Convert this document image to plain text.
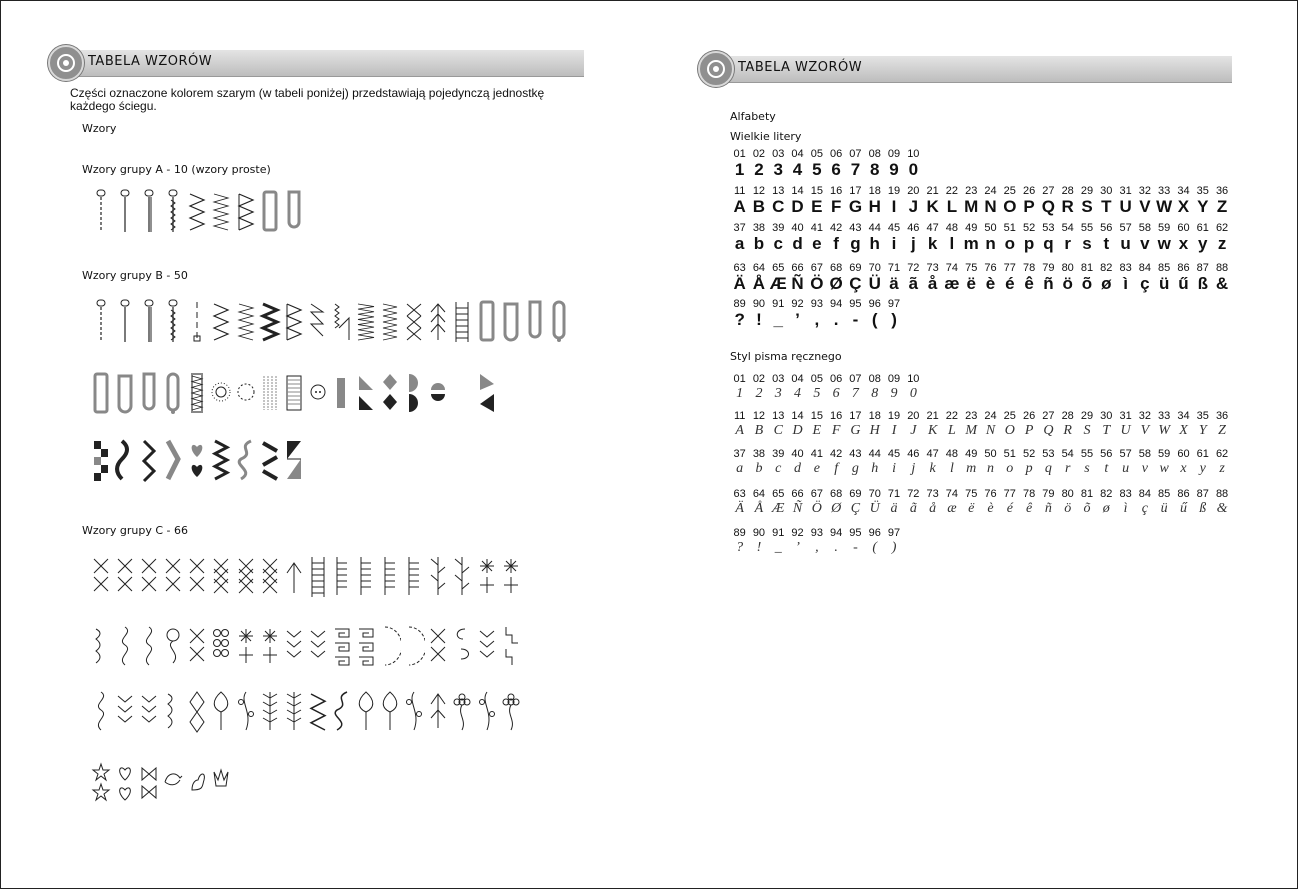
TABELA WZORÓW
Części oznaczone kolorem szarym (w tabeli poniżej) przedstawiają pojedynczą jednostkę każdego ściegu.
Wzory
Wzory grupy A - 10 (wzory proste)
Wzory grupy B - 50
Wzory grupy C - 66
TABELA WZORÓW
Alfabety
Wielkie litery
01 02 03 04 05 06 07 08 09 10
1 2 3 4 5 6 7 8 9 0
11 12 13 14 15 16 17 18 19 20 21 22 23 24 25 26 27 28 29 30 31 32 33 34 35 36
A B C D E F G H I J K L M N O P Q R S T U V W X Y Z
37 38 39 40 41 42 43 44 45 46 47 48 49 50 51 52 53 54 55 56 57 58 59 60 61 62
a b c d e f g h i j k l m n o p q r s t u v w x y z
63 64 65 66 67 68 69 70 71 72 73 74 75 76 77 78 79 80 81 82 83 84 85 86 87 88
Ä Å Æ Ñ Ö Ø Ç Ü ä ã å æ ë è é ê ñ ö õ ø ì ç ü ű ß &
89 90 91 92 93 94 95 96 97
? ! _ ’ , . - ( )
Styl pisma ręcznego
01 02 03 04 05 06 07 08 09 10
1 2 3 4 5 6 7 8 9 0
11 12 13 14 15 16 17 18 19 20 21 22 23 24 25 26 27 28 29 30 31 32 33 34 35 36
A B C D E F G H I J K L M N O P Q R S T U V W X Y Z
37 38 39 40 41 42 43 44 45 46 47 48 49 50 51 52 53 54 55 56 57 58 59 60 61 62
a b c d e	f g h i	j	k	l m n o p q r s	t u v w x y z
63 64 65 66 67 68 69 70 71 72 73 74 75 76 77 78 79 80 81 82 83 84 85 86 87 88
Ä Å Æ Ñ Ö Ø Ç Ü ä ã å æ ë è é ê ñ ö õ ø ì	ç ü ű ß &
89 90 91 92 93 94 95 96 97
? ! _ ’	,	.	-	(	)
